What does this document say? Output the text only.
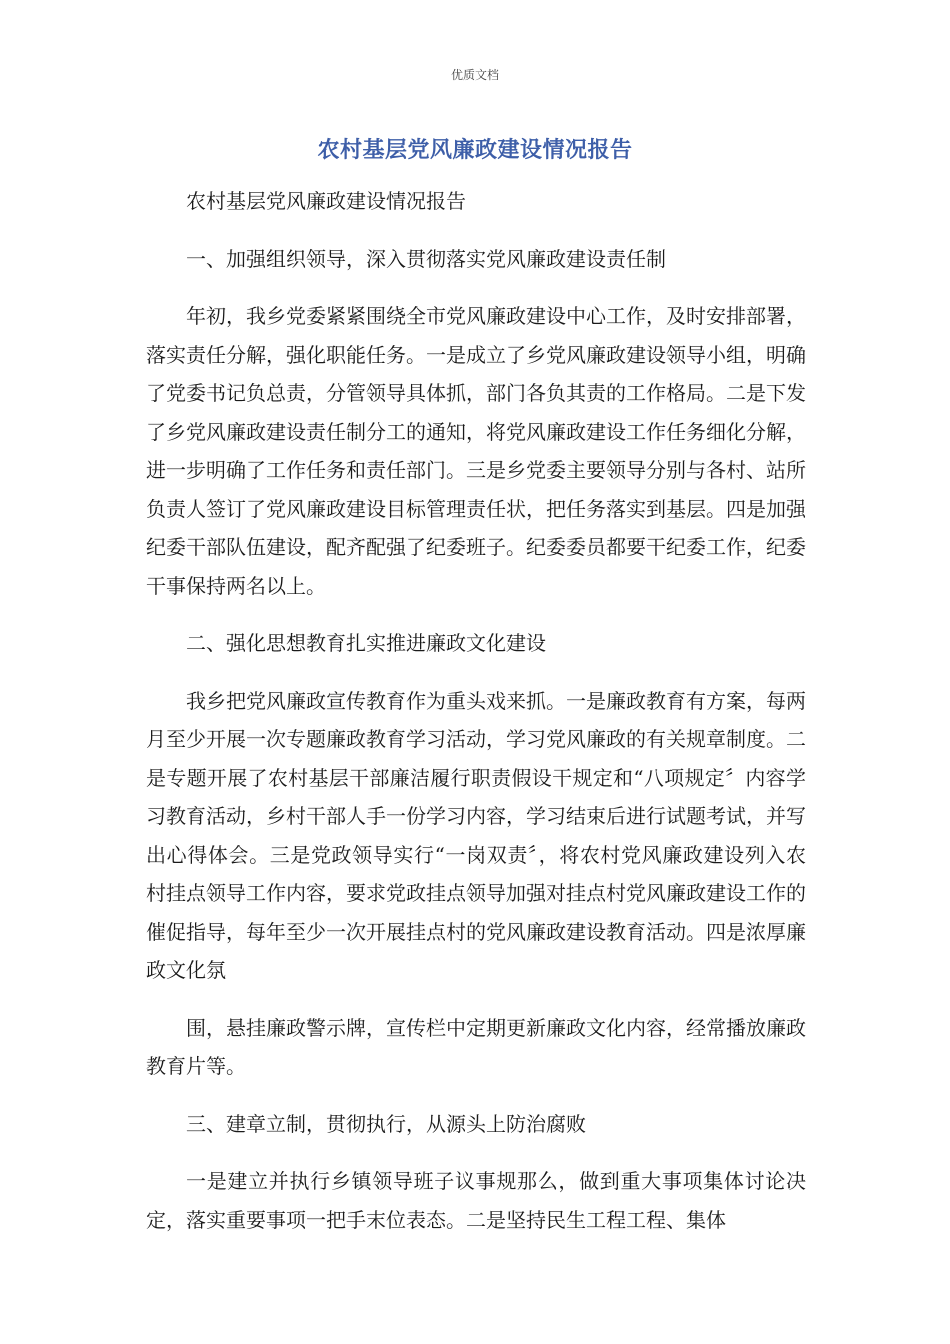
优质文档
农村基层党风廉政建设情况报告

农村基层党风廉政建设情况报告

一、加强组织领导，深入贯彻落实党风廉政建设责任制

年初，我乡党委紧紧围绕全市党风廉政建设中心工作，及时安排部署，落实责任分解，强化职能任务。一是成立了乡党风廉政建设领导小组，明确了党委书记负总责，分管领导具体抓，部门各负其责的工作格局。二是下发了乡党风廉政建设责任制分工的通知，将党风廉政建设工作任务细化分解，进一步明确了工作任务和责任部门。三是乡党委主要领导分别与各村、站所负责人签订了党风廉政建设目标管理责任状，把任务落实到基层。四是加强纪委干部队伍建设，配齐配强了纪委班子。纪委委员都要干纪委工作，纪委干事保持两名以上。

二、强化思想教育扎实推进廉政文化建设

我乡把党风廉政宣传教育作为重头戏来抓。一是廉政教育有方案，每两月至少开展一次专题廉政教育学习活动，学习党风廉政的有关规章制度。二是专题开展了农村基层干部廉洁履行职责假设干规定和“八项规定〞内容学习教育活动，乡村干部人手一份学习内容，学习结束后进行试题考试，并写出心得体会。三是党政领导实行“一岗双责〞，将农村党风廉政建设列入农村挂点领导工作内容，要求党政挂点领导加强对挂点村党风廉政建设工作的催促指导，每年至少一次开展挂点村的党风廉政建设教育活动。四是浓厚廉政文化氛

围，悬挂廉政警示牌，宣传栏中定期更新廉政文化内容，经常播放廉政教育片等。

三、建章立制，贯彻执行，从源头上防治腐败

一是建立并执行乡镇领导班子议事规那么，做到重大事项集体讨论决定，落实重要事项一把手末位表态。二是坚持民生工程工程、集体
